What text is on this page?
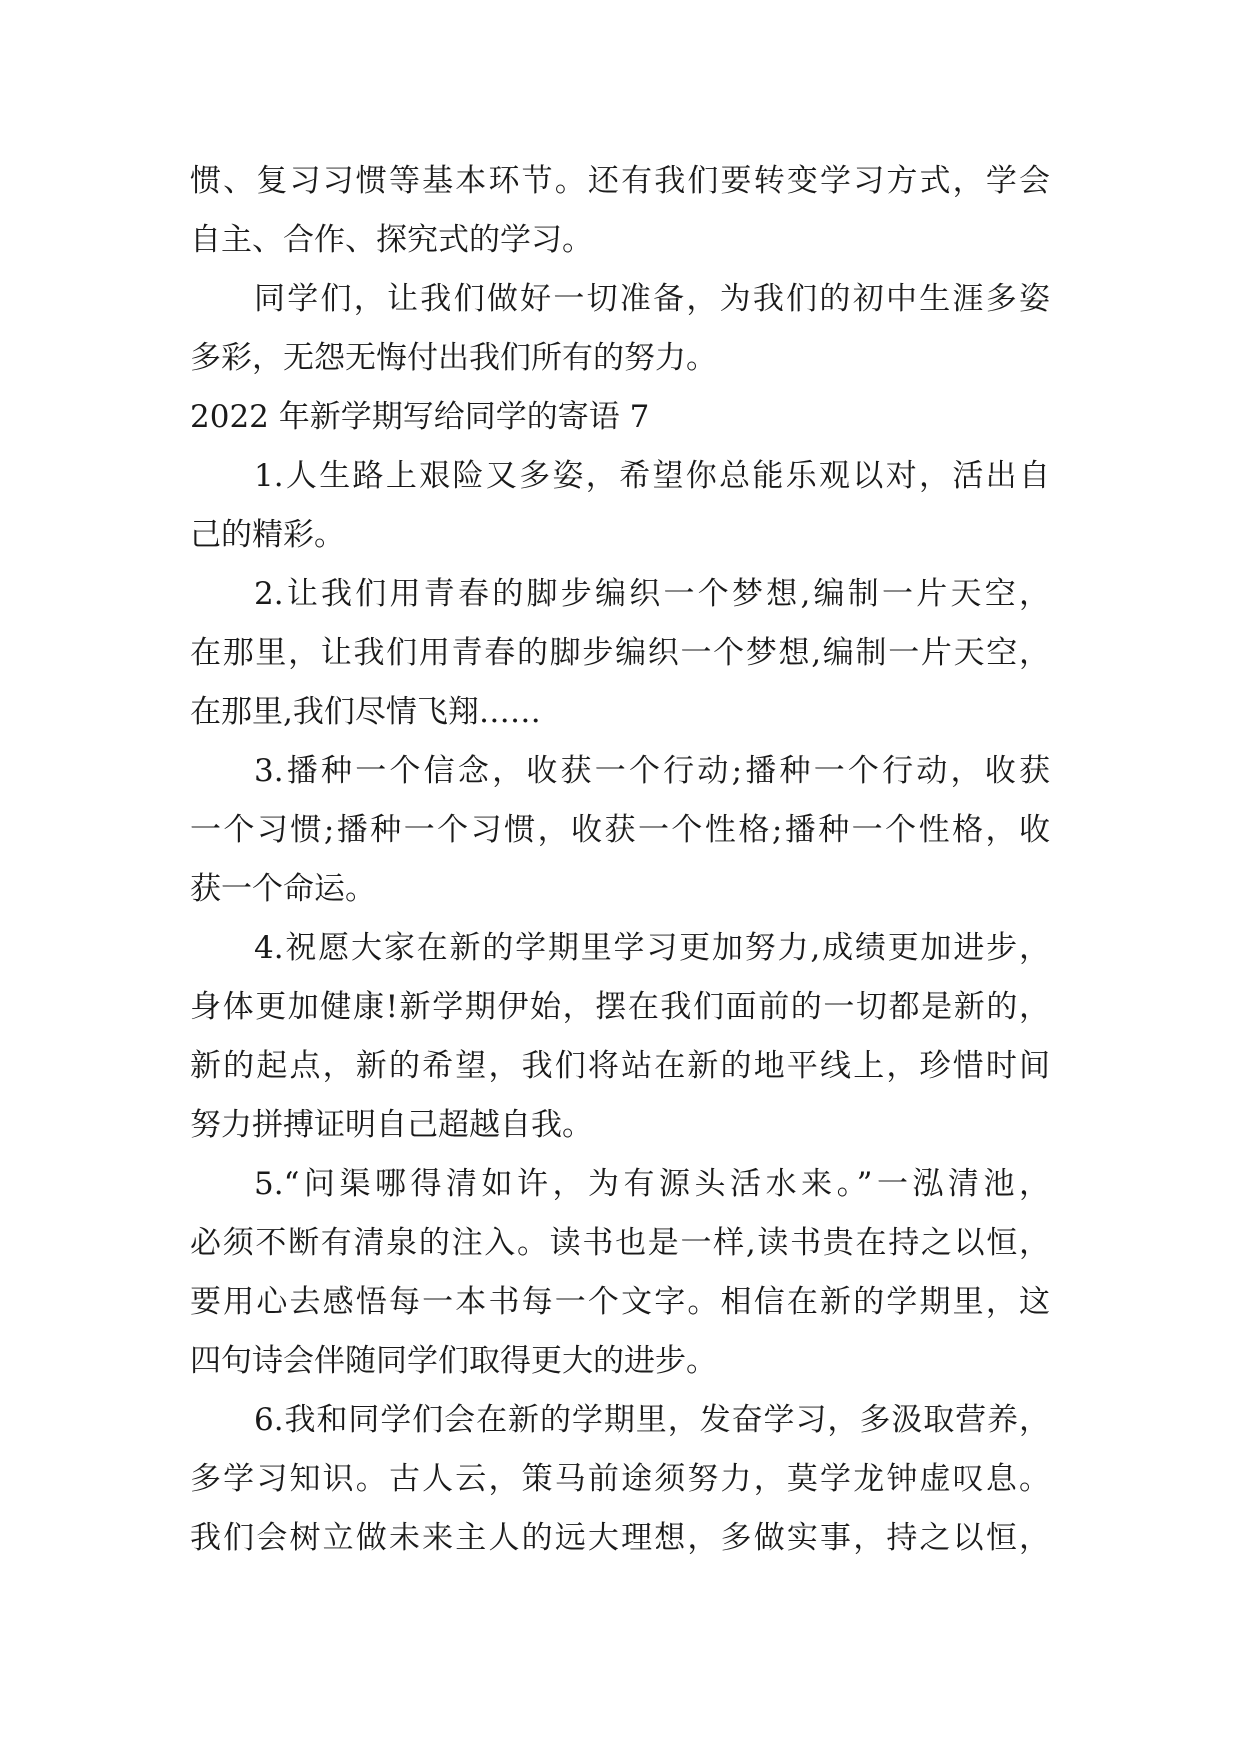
惯、复习习惯等基本环节。还有我们要转变学习方式，学会
自主、合作、探究式的学习。
同学们，让我们做好一切准备，为我们的初中生涯多姿
多彩，无怨无悔付出我们所有的努力。
2022 年新学期写给同学的寄语 7
1.人生路上艰险又多姿，希望你总能乐观以对，活出自
己的精彩。
2.让我们用青春的脚步编织一个梦想,编制一片天空，
在那里，让我们用青春的脚步编织一个梦想,编制一片天空，
在那里,我们尽情飞翔……
3.播种一个信念，收获一个行动;播种一个行动，收获
一个习惯;播种一个习惯，收获一个性格;播种一个性格，收
获一个命运。
4.祝愿大家在新的学期里学习更加努力,成绩更加进步，
身体更加健康!新学期伊始，摆在我们面前的一切都是新的，
新的起点，新的希望，我们将站在新的地平线上，珍惜时间
努力拼搏证明自己超越自我。
5.“问渠哪得清如许，为有源头活水来。”一泓清池，
必须不断有清泉的注入。读书也是一样,读书贵在持之以恒，
要用心去感悟每一本书每一个文字。相信在新的学期里，这
四句诗会伴随同学们取得更大的进步。
6.我和同学们会在新的学期里，发奋学习，多汲取营养，
多学习知识。古人云，策马前途须努力，莫学龙钟虚叹息。
我们会树立做未来主人的远大理想，多做实事，持之以恒，
